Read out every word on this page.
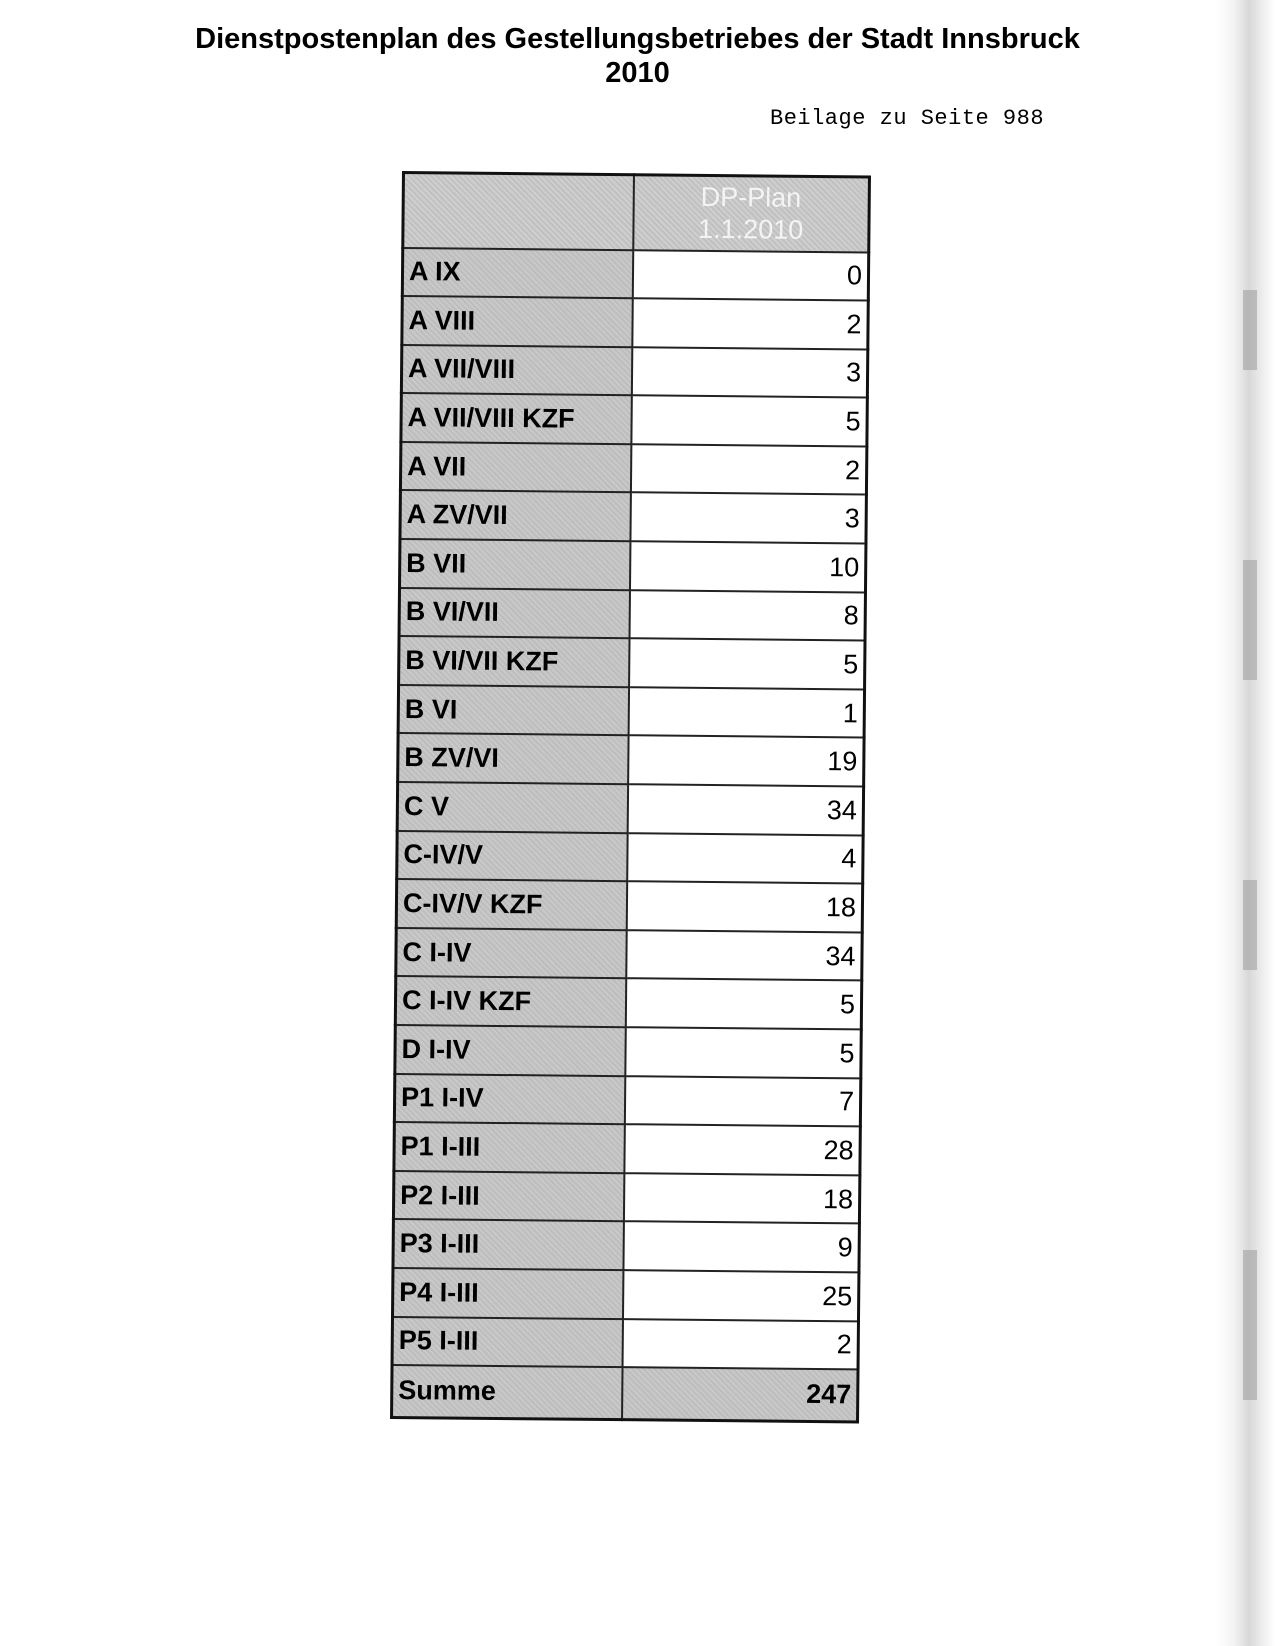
Dienstpostenplan des Gestellungsbetriebes der Stadt Innsbruck
2010
Beilage zu Seite 988

	DP-Plan
1.1.2010

A IX	0
A VIII	2
A VII/VIII	3
A VII/VIII KZF	5
A VII	2
A ZV/VII	3
B VII	10
B VI/VII	8
B VI/VII KZF	5
B VI	1
B ZV/VI	19
C V	34
C-IV/V	4
C-IV/V KZF	18
C I-IV	34
C I-IV KZF	5
D I-IV	5
P1 I-IV	7
P1 I-III	28
P2 I-III	18
P3 I-III	9
P4 I-III	25
P5 I-III	2
Summe	247
